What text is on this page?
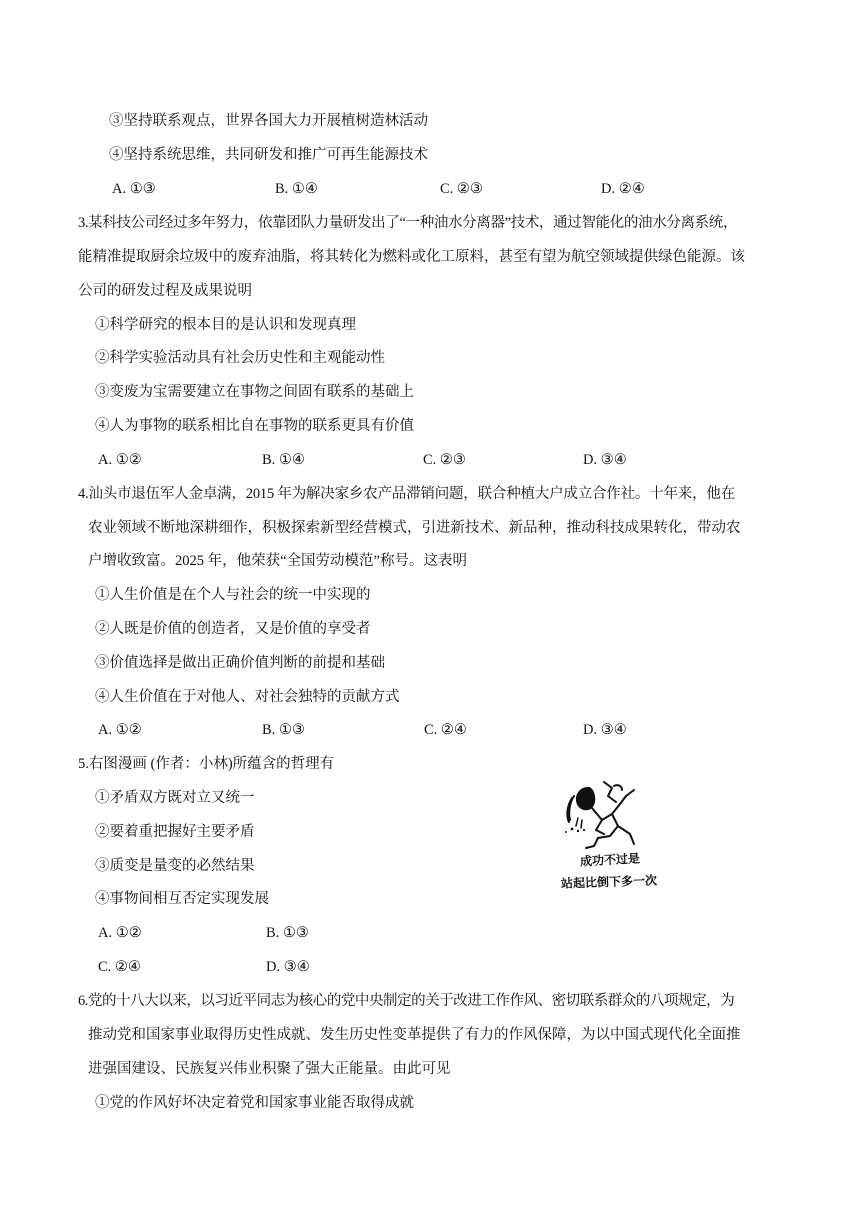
③坚持联系观点，世界各国大力开展植树造林活动
④坚持系统思维，共同研发和推广可再生能源技术
A. ①③	B. ①④	C. ②③	D. ②④
3.某科技公司经过多年努力，依靠团队力量研发出了“一种油水分离器”技术，通过智能化的油水分离系统，
能精准提取厨余垃圾中的废弃油脂，将其转化为燃料或化工原料，甚至有望为航空领域提供绿色能源。该
公司的研发过程及成果说明
①科学研究的根本目的是认识和发现真理
②科学实验活动具有社会历史性和主观能动性
③变废为宝需要建立在事物之间固有联系的基础上
④人为事物的联系相比自在事物的联系更具有价值
A. ①②	B. ①④	C. ②③	D. ③④
4.汕头市退伍军人金卓满，2015 年为解决家乡农产品滞销问题，联合种植大户成立合作社。十年来，他在
农业领域不断地深耕细作，积极探索新型经营模式，引进新技术、新品种，推动科技成果转化，带动农
户增收致富。2025 年，他荣获“全国劳动模范”称号。这表明
①人生价值是在个人与社会的统一中实现的
②人既是价值的创造者，又是价值的享受者
③价值选择是做出正确价值判断的前提和基础
④人生价值在于对他人、对社会独特的贡献方式
A. ①②	B. ①③	C. ②④	D. ③④
5.右图漫画 (作者：小林)所蕴含的哲理有
①矛盾双方既对立又统一
②要着重把握好主要矛盾
③质变是量变的必然结果
④事物间相互否定实现发展
A. ①②	B. ①③
C. ②④	D. ③④
成功不过是
站起比倒下多一次
6.党的十八大以来，以习近平同志为核心的党中央制定的关于改进工作作风、密切联系群众的八项规定，为
推动党和国家事业取得历史性成就、发生历史性变革提供了有力的作风保障，为以中国式现代化全面推
进强国建设、民族复兴伟业积聚了强大正能量。由此可见
①党的作风好坏决定着党和国家事业能否取得成就
